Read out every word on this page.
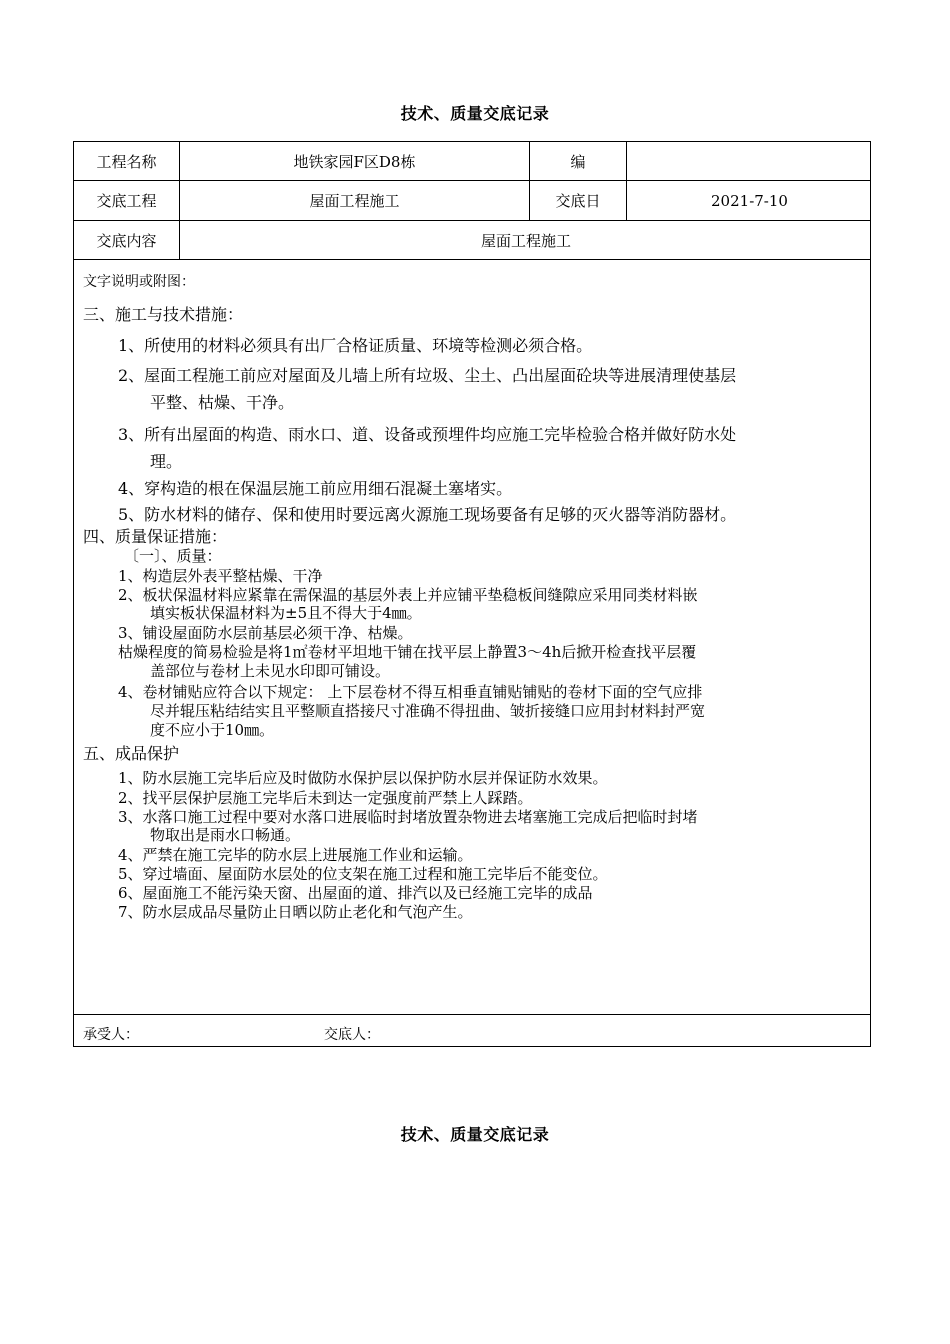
技术、质量交底记录
工程名称	地铁家园F区D8栋	编
交底工程	屋面工程施工	交底日	2021-7-10
交底内容	屋面工程施工
文字说明或附图：
三、施工与技术措施：
1、所使用的材料必须具有出厂合格证质量、环境等检测必须合格。
2、屋面工程施工前应对屋面及儿墙上所有垃圾、尘土、凸出屋面砼块等进展清理使基层
平整、枯燥、干净。
3、所有出屋面的构造、雨水口、道、设备或预埋件均应施工完毕检验合格并做好防水处
理。
4、穿构造的根在保温层施工前应用细石混凝土塞堵实。
5、防水材料的储存、保和使用时要远离火源施工现场要备有足够的灭火器等消防器材。
四、质量保证措施：
〔一〕、质量：
1、构造层外表平整枯燥、干净
2、板状保温材料应紧靠在需保温的基层外表上并应铺平垫稳板间缝隙应采用同类材料嵌
填实板状保温材料为±5且不得大于4㎜。
3、铺设屋面防水层前基层必须干净、枯燥。
枯燥程度的简易检验是将1㎡卷材平坦地干铺在找平层上静置3～4h后掀开检查找平层覆
盖部位与卷材上未见水印即可铺设。
4、卷材铺贴应符合以下规定： 上下层卷材不得互相垂直铺贴铺贴的卷材下面的空气应排
尽并辊压粘结结实且平整顺直搭接尺寸准确不得扭曲、皱折接缝口应用封材料封严宽
度不应小于10㎜。
五、成品保护
1、防水层施工完毕后应及时做防水保护层以保护防水层并保证防水效果。
2、找平层保护层施工完毕后未到达一定强度前严禁上人踩踏。
3、水落口施工过程中要对水落口进展临时封堵放置杂物进去堵塞施工完成后把临时封堵
物取出是雨水口畅通。
4、严禁在施工完毕的防水层上进展施工作业和运输。
5、穿过墙面、屋面防水层处的位支架在施工过程和施工完毕后不能变位。
6、屋面施工不能污染天窗、出屋面的道、排汽以及已经施工完毕的成品
7、防水层成品尽量防止日晒以防止老化和气泡产生。
承受人：	交底人：
技术、质量交底记录
